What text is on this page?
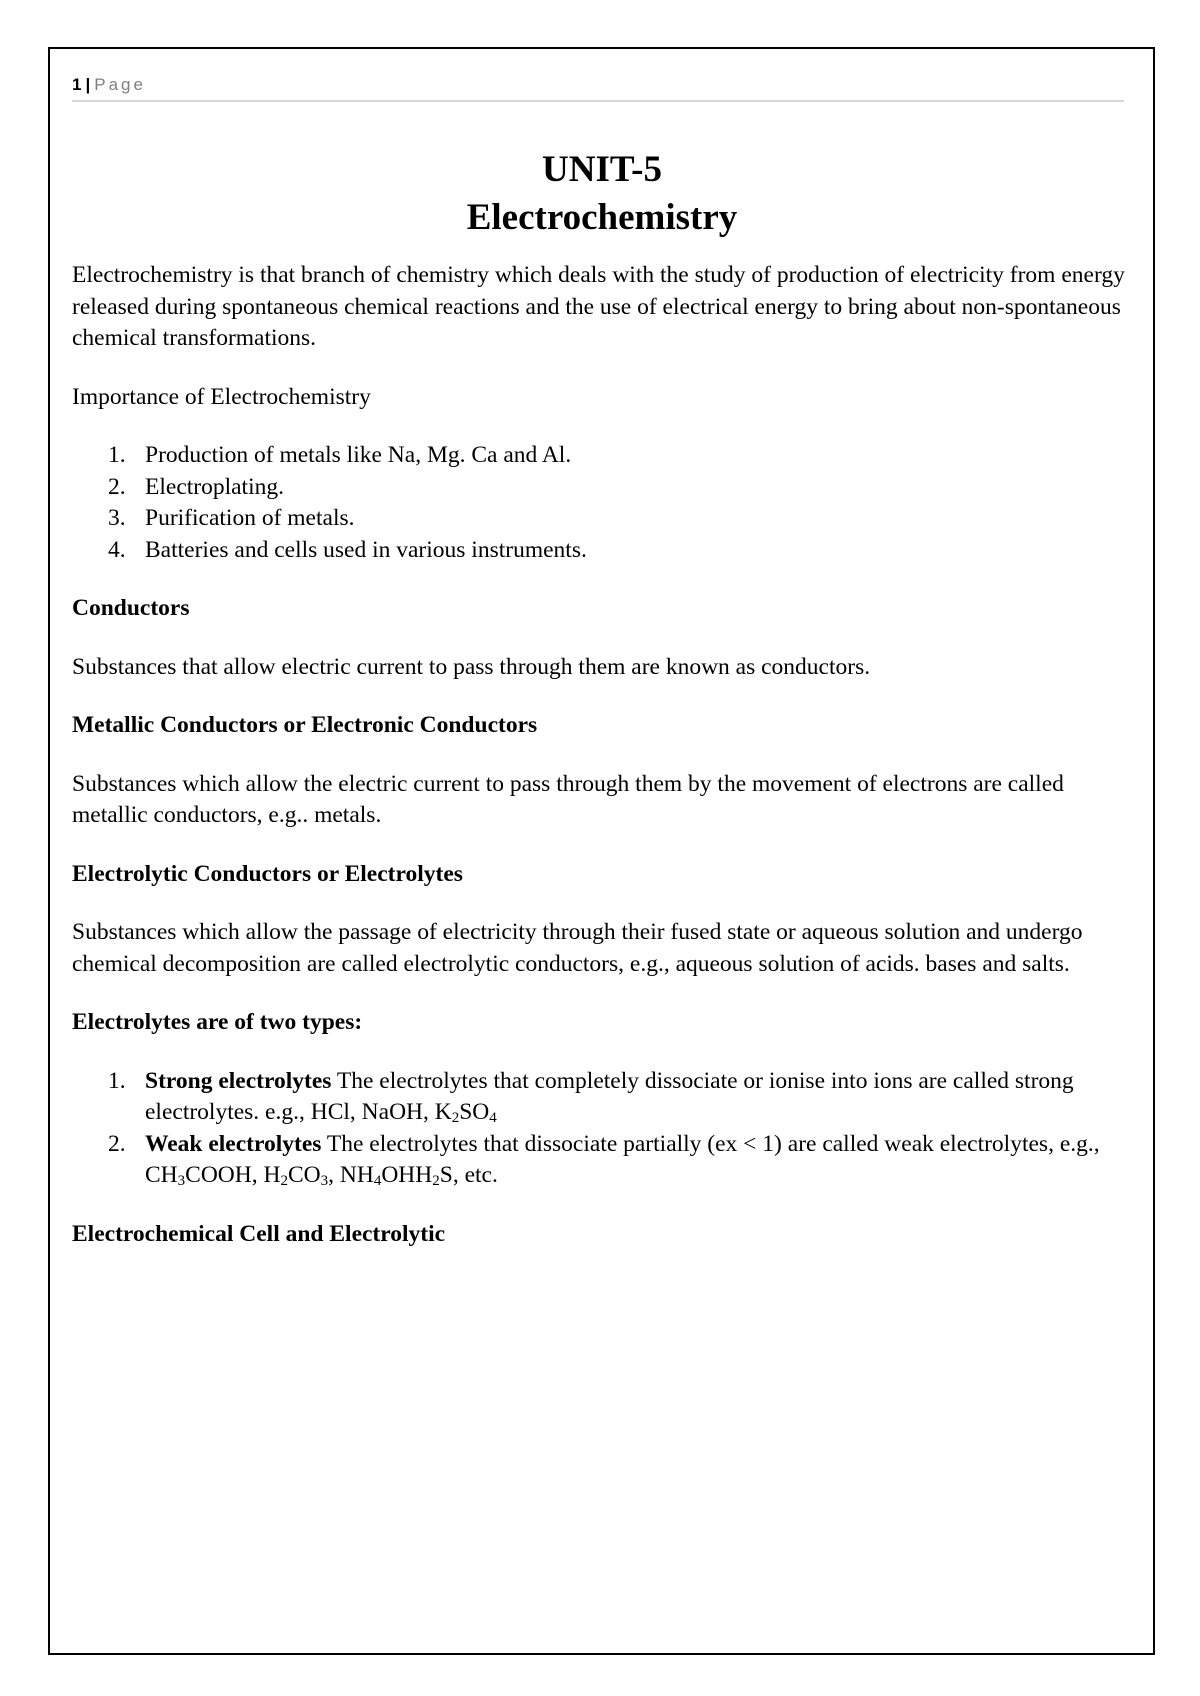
1 | Page
UNIT-5
Electrochemistry

Electrochemistry is that branch of chemistry which deals with the study of production of electricity from energy released during spontaneous chemical reactions and the use of electrical energy to bring about non-spontaneous chemical transformations.

Importance of Electrochemistry

1. Production of metals like Na, Mg. Ca and Al.
2. Electroplating.
3. Purification of metals.
4. Batteries and cells used in various instruments.
Conductors

Substances that allow electric current to pass through them are known as conductors.

Metallic Conductors or Electronic Conductors

Substances which allow the electric current to pass through them by the movement of electrons are called metallic conductors, e.g.. metals.

Electrolytic Conductors or Electrolytes

Substances which allow the passage of electricity through their fused state or aqueous solution and undergo chemical decomposition are called electrolytic conductors, e.g., aqueous solution of acids. bases and salts.

Electrolytes are of two types:
1. Strong electrolytes The electrolytes that completely dissociate or ionise into ions are called strong electrolytes. e.g., HCl, NaOH, $K_2SO_4$
2. Weak electrolytes The electrolytes that dissociate partially (ex < 1) are called weak electrolytes, e.g., $CH_3COOH$, $H_2CO_3$, $NH_4OHH_2S$, etc.
Electrochemical Cell and Electrolytic
